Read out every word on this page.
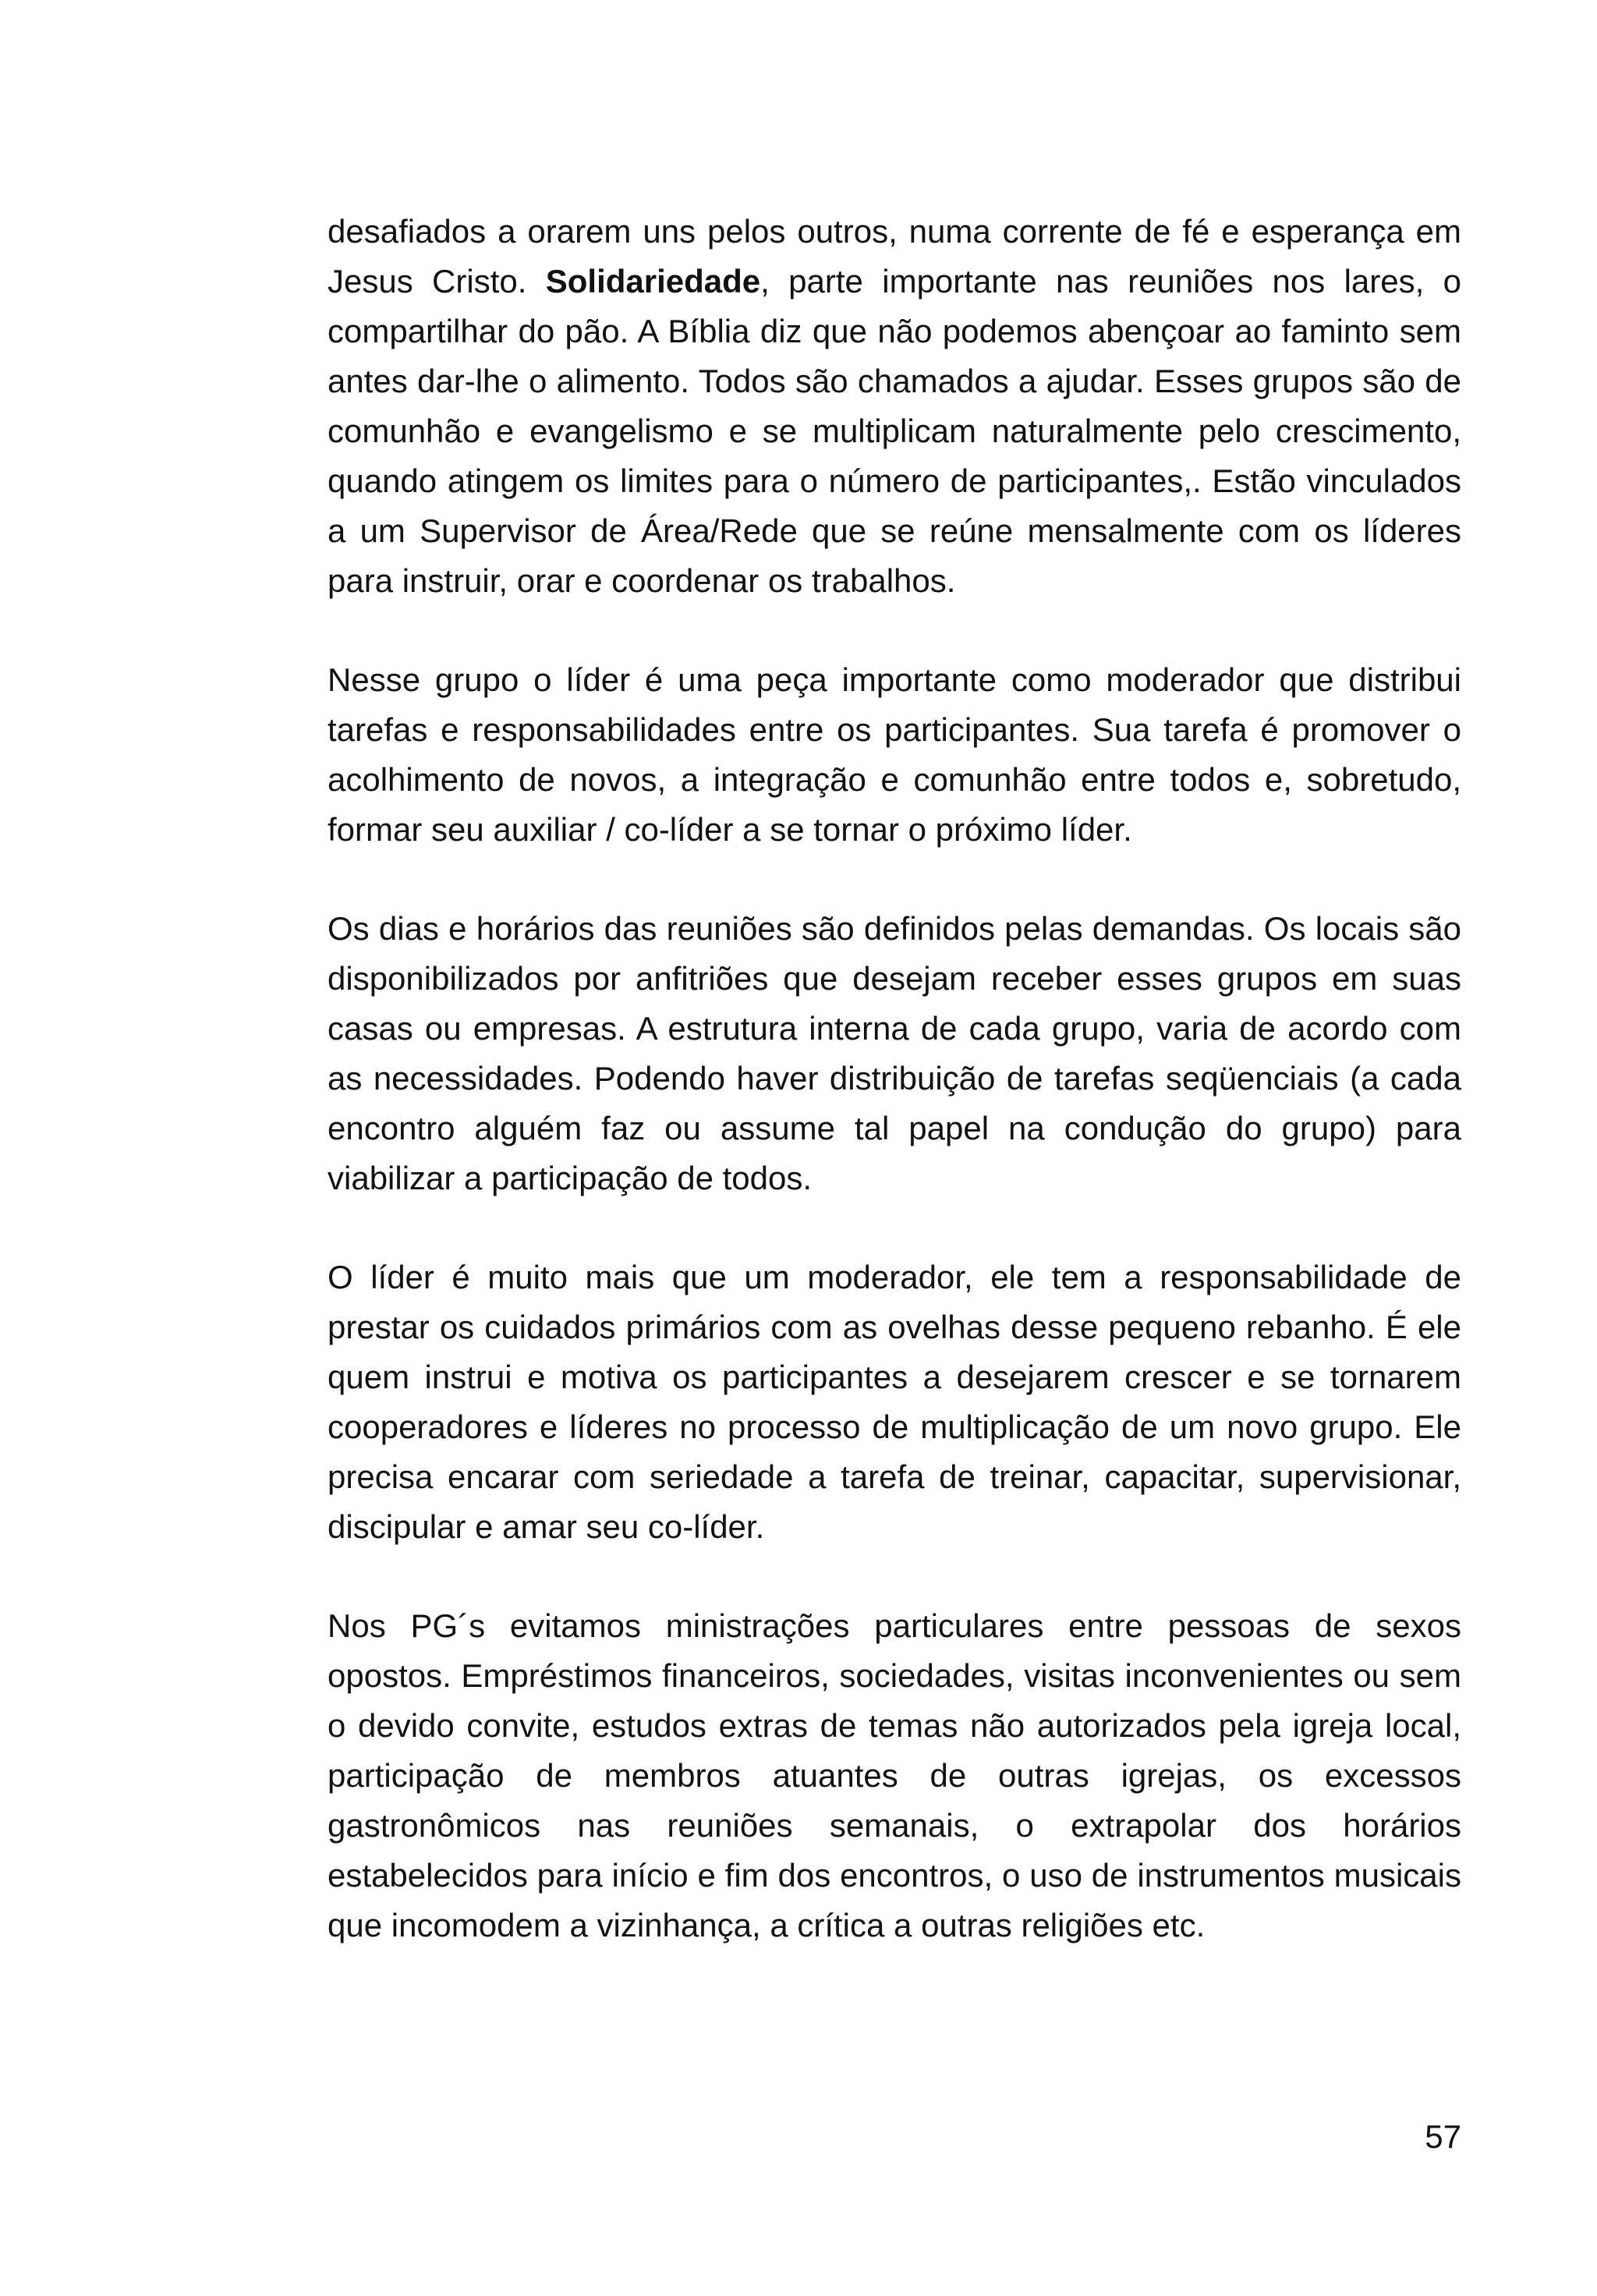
desafiados a orarem uns pelos outros, numa corrente de fé e esperança em Jesus Cristo. Solidariedade, parte importante nas reuniões nos lares, o compartilhar do pão. A Bíblia diz que não podemos abençoar ao faminto sem antes dar-lhe o alimento. Todos são chamados a ajudar. Esses grupos são de comunhão e evangelismo e se multiplicam naturalmente pelo crescimento, quando atingem os limites para o número de participantes,. Estão vinculados a um Supervisor de Área/Rede que se reúne mensalmente com os líderes para instruir, orar e coordenar os trabalhos.

Nesse grupo o líder é uma peça importante como moderador que distribui tarefas e responsabilidades entre os participantes. Sua tarefa é promover o acolhimento de novos, a integração e comunhão entre todos e, sobretudo, formar seu auxiliar / co-líder a se tornar o próximo líder.

Os dias e horários das reuniões são definidos pelas demandas. Os locais são disponibilizados por anfitriões que desejam receber esses grupos em suas casas ou empresas. A estrutura interna de cada grupo, varia de acordo com as necessidades. Podendo haver distribuição de tarefas seqüenciais (a cada encontro alguém faz ou assume tal papel na condução do grupo) para viabilizar a participação de todos.

O líder é muito mais que um moderador, ele tem a responsabilidade de prestar os cuidados primários com as ovelhas desse pequeno rebanho. É ele quem instrui e motiva os participantes a desejarem crescer e se tornarem cooperadores e líderes no processo de multiplicação de um novo grupo. Ele precisa encarar com seriedade a tarefa de treinar, capacitar, supervisionar, discipular e amar seu co-líder.

Nos PG´s evitamos ministrações particulares entre pessoas de sexos opostos. Empréstimos financeiros, sociedades, visitas inconvenientes ou sem o devido convite, estudos extras de temas não autorizados pela igreja local, participação de membros atuantes de outras igrejas, os excessos gastronômicos nas reuniões semanais, o extrapolar dos horários estabelecidos para início e fim dos encontros, o uso de instrumentos musicais que incomodem a vizinhança, a crítica a outras religiões etc.

57
